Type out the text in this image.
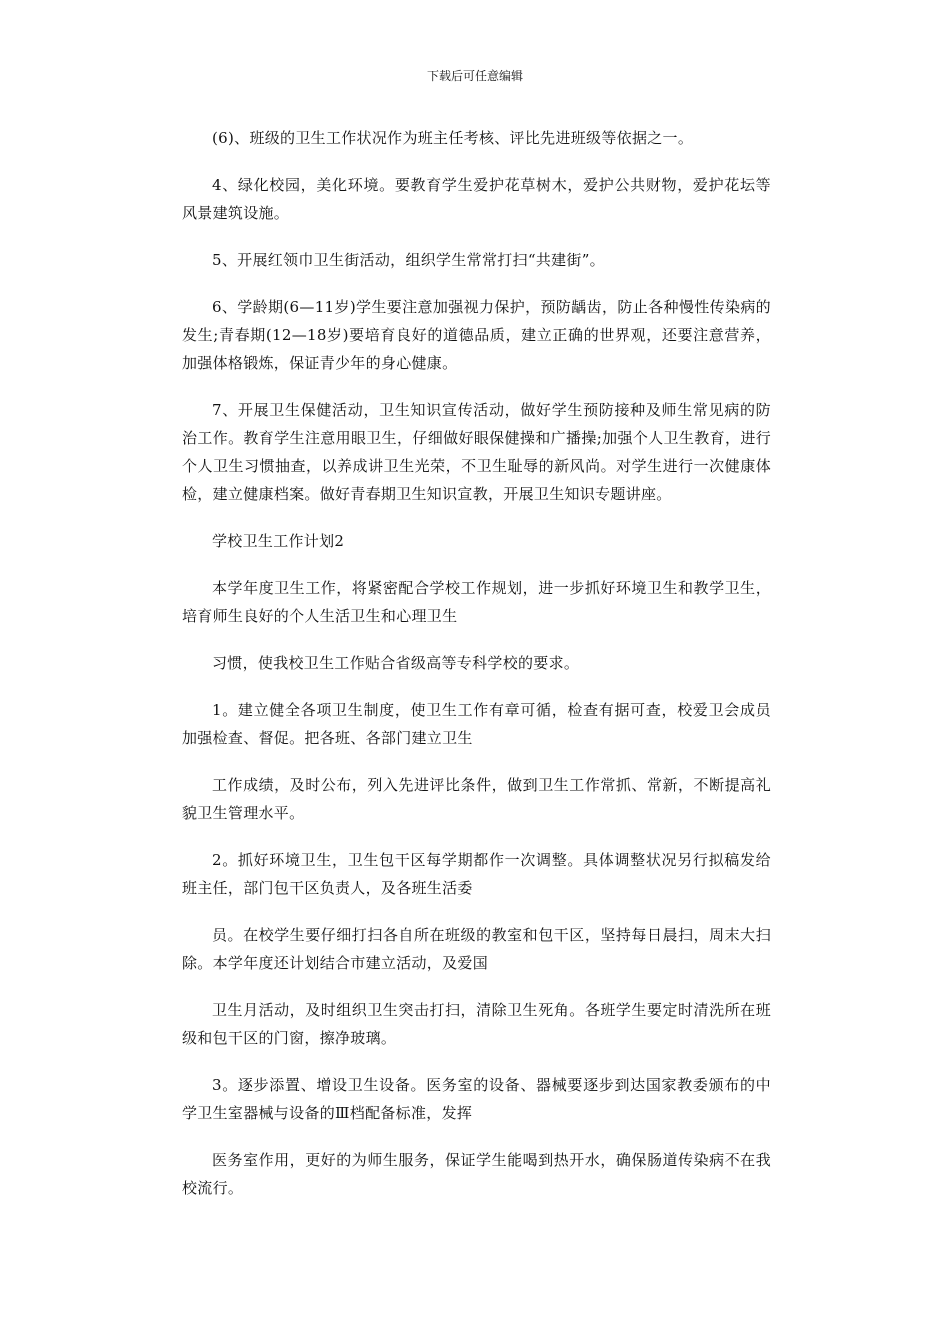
下载后可任意编辑

(6)、班级的卫生工作状况作为班主任考核、评比先进班级等依据之一。

4、绿化校园，美化环境。要教育学生爱护花草树木，爱护公共财物，爱护花坛等风景建筑设施。

5、开展红领巾卫生街活动，组织学生常常打扫“共建街”。

6、学龄期(6—11岁)学生要注意加强视力保护，预防龋齿，防止各种慢性传染病的发生;青春期(12—18岁)要培育良好的道德品质，建立正确的世界观，还要注意营养，加强体格锻炼，保证青少年的身心健康。

7、开展卫生保健活动，卫生知识宣传活动，做好学生预防接种及师生常见病的防治工作。教育学生注意用眼卫生，仔细做好眼保健操和广播操;加强个人卫生教育，进行个人卫生习惯抽查，以养成讲卫生光荣，不卫生耻辱的新风尚。对学生进行一次健康体检，建立健康档案。做好青春期卫生知识宣教，开展卫生知识专题讲座。

学校卫生工作计划2

本学年度卫生工作，将紧密配合学校工作规划，进一步抓好环境卫生和教学卫生，培育师生良好的个人生活卫生和心理卫生

习惯，使我校卫生工作贴合省级高等专科学校的要求。

1。建立健全各项卫生制度，使卫生工作有章可循，检查有据可查，校爱卫会成员加强检查、督促。把各班、各部门建立卫生

工作成绩，及时公布，列入先进评比条件，做到卫生工作常抓、常新，不断提高礼貌卫生管理水平。

2。抓好环境卫生，卫生包干区每学期都作一次调整。具体调整状况另行拟稿发给班主任，部门包干区负责人，及各班生活委

员。在校学生要仔细打扫各自所在班级的教室和包干区，坚持每日晨扫，周末大扫除。本学年度还计划结合市建立活动，及爱国

卫生月活动，及时组织卫生突击打扫，清除卫生死角。各班学生要定时清洗所在班级和包干区的门窗，擦净玻璃。

3。逐步添置、增设卫生设备。医务室的设备、器械要逐步到达国家教委颁布的中学卫生室器械与设备的Ⅲ档配备标准，发挥

医务室作用，更好的为师生服务，保证学生能喝到热开水，确保肠道传染病不在我校流行。
